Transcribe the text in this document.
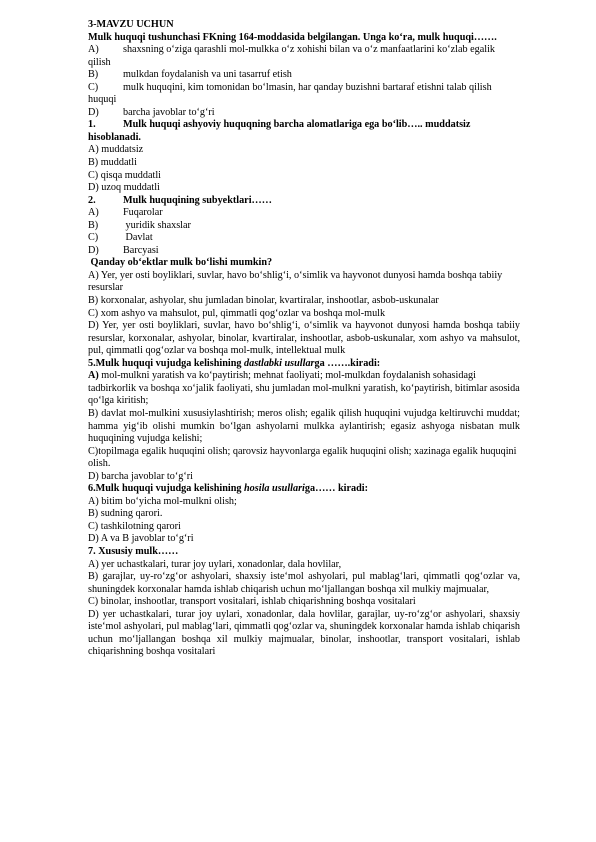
3-MAVZU UCHUN

Mulk huquqi tushunchasi FKning 164-moddasida belgilangan. Unga koʻra, mulk huquqi…….

A)	shaxsning oʻziga qarashli mol-mulkka oʻz xohishi bilan va oʻz manfaatlarini koʻzlab egalik qilish

B)	mulkdan foydalanish va uni tasarruf etish

C) mulk huquqini, kim tomonidan boʻlmasin, har qanday buzishni bartaraf etishni talab qilish huquqi

D)	barcha javoblar toʻgʻri

1.	Mulk huquqi ashyoviy huquqning barcha alomatlariga ega boʻlib….. muddatsiz hisoblanadi.

A) muddatsiz

B) muddatli

C) qisqa muddatli

D) uzoq muddatli

2.	Mulk huquqining subyektlari……

A)	Fuqarolar
B)	yuridik shaxslar
C)	Davlat
D)	Barcyasi

Qanday obʻektlar mulk boʻlishi mumkin?

A) Yer, yer osti boyliklari, suvlar, havo boʻshligʻi, oʻsimlik va hayvonot dunyosi hamda boshqa tabiiy resurslar

B) korxonalar, ashyolar, shu jumladan binolar, kvartiralar, inshootlar, asbob-uskunalar

C) xom ashyo va mahsulot, pul, qimmatli qogʻozlar va boshqa mol-mulk

D) Yer, yer osti boyliklari, suvlar, havo boʻshligʻi, oʻsimlik va hayvonot dunyosi hamda boshqa tabiiy resurslar, korxonalar, ashyolar, binolar, kvartiralar, inshootlar, asbob-uskunalar, xom ashyo va mahsulot, pul, qimmatli qogʻozlar va boshqa mol-mulk, intellektual mulk

5.Mulk huquqi vujudga kelishining dastlabki usullarga …….kiradi:

A) mol-mulkni yaratish va koʻpaytirish; mehnat faoliyati; mol-mulkdan foydalanish sohasidagi tadbirkorlik va boshqa xoʻjalik faoliyati, shu jumladan mol-mulkni yaratish, koʻpaytirish, bitimlar asosida qoʻlga kiritish;

B) davlat mol-mulkini xususiylashtirish; meros olish; egalik qilish huquqini vujudga keltiruvchi muddat; hamma yigʻib olishi mumkin boʻlgan ashyolarni mulkka aylantirish; egasiz ashyoga nisbatan mulk huquqining vujudga kelishi;

C)topilmaga egalik huquqini olish; qarovsiz hayvonlarga egalik huquqini olish; xazinaga egalik huquqini olish.

D) barcha javoblar toʻgʻri

6.Mulk huquqi vujudga kelishining hosila usullariga…… kiradi:

A) bitim boʻyicha mol-mulkni olish;

B) sudning qarori.

C) tashkilotning qarori

D) A va B javoblar toʻgʻri

7. Xususiy mulk……

A) yer uchastkalari, turar joy uylari, xonadonlar, dala hovlilar,

B) garajlar, uy-roʻzgʻor ashyolari, shaxsiy isteʻmol ashyolari, pul mablagʻlari, qimmatli qogʻozlar va, shuningdek korxonalar hamda ishlab chiqarish uchun moʻljallangan boshqa xil mulkiy majmualar,

C) binolar, inshootlar, transport vositalari, ishlab chiqarishning boshqa vositalari

D) yer uchastkalari, turar joy uylari, xonadonlar, dala hovlilar, garajlar, uy-roʻzgʻor ashyolari, shaxsiy isteʻmol ashyolari, pul mablagʻlari, qimmatli qogʻozlar va, shuningdek korxonalar hamda ishlab chiqarish uchun moʻljallangan boshqa xil mulkiy majmualar, binolar, inshootlar, transport vositalari, ishlab chiqarishning boshqa vositalari
